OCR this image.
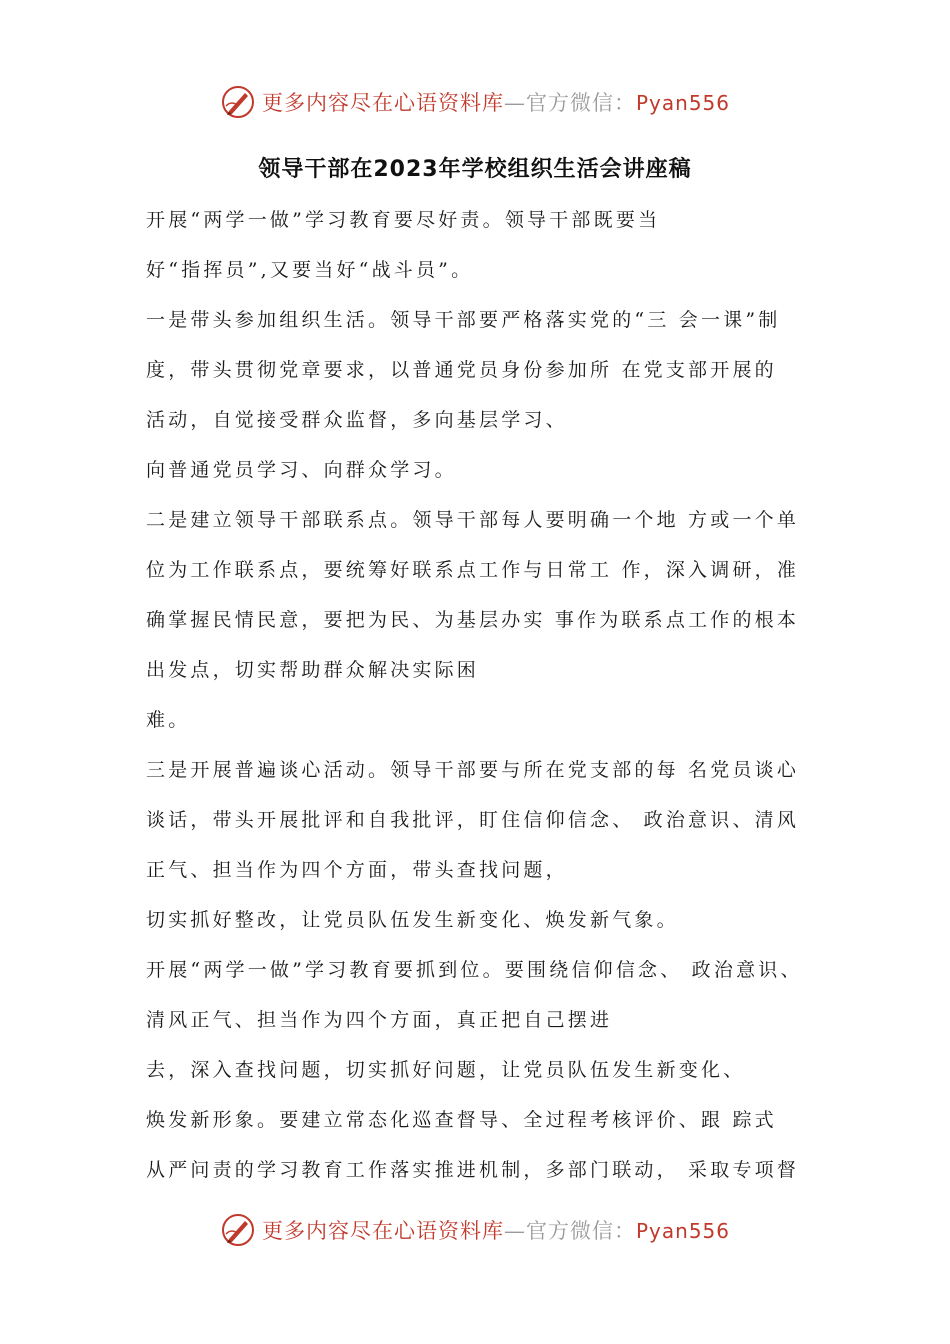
更多内容尽在心语资料库—官方微信：Pyan556
领导干部在2023年学校组织生活会讲座稿
开展“两学一做”学习教育要尽好责。领导干部既要当
好“指挥员”,又要当好“战斗员”。
一是带头参加组织生活。领导干部要严格落实党的“三 会一课”制
度，带头贯彻党章要求，以普通党员身份参加所 在党支部开展的
活动，自觉接受群众监督，多向基层学习、
向普通党员学习、向群众学习。
二是建立领导干部联系点。领导干部每人要明确一个地 方或一个单
位为工作联系点，要统筹好联系点工作与日常工 作，深入调研，准
确掌握民情民意，要把为民、为基层办实 事作为联系点工作的根本
出发点，切实帮助群众解决实际困
难。
三是开展普遍谈心活动。领导干部要与所在党支部的每 名党员谈心
谈话，带头开展批评和自我批评，盯住信仰信念、 政治意识、清风
正气、担当作为四个方面，带头查找问题，
切实抓好整改，让党员队伍发生新变化、焕发新气象。
开展“两学一做”学习教育要抓到位。要围绕信仰信念、 政治意识、
清风正气、担当作为四个方面，真正把自己摆进
去，深入查找问题，切实抓好问题，让党员队伍发生新变化、
焕发新形象。要建立常态化巡查督导、全过程考核评价、跟 踪式
从严问责的学习教育工作落实推进机制，多部门联动， 采取专项督
更多内容尽在心语资料库—官方微信：Pyan556
